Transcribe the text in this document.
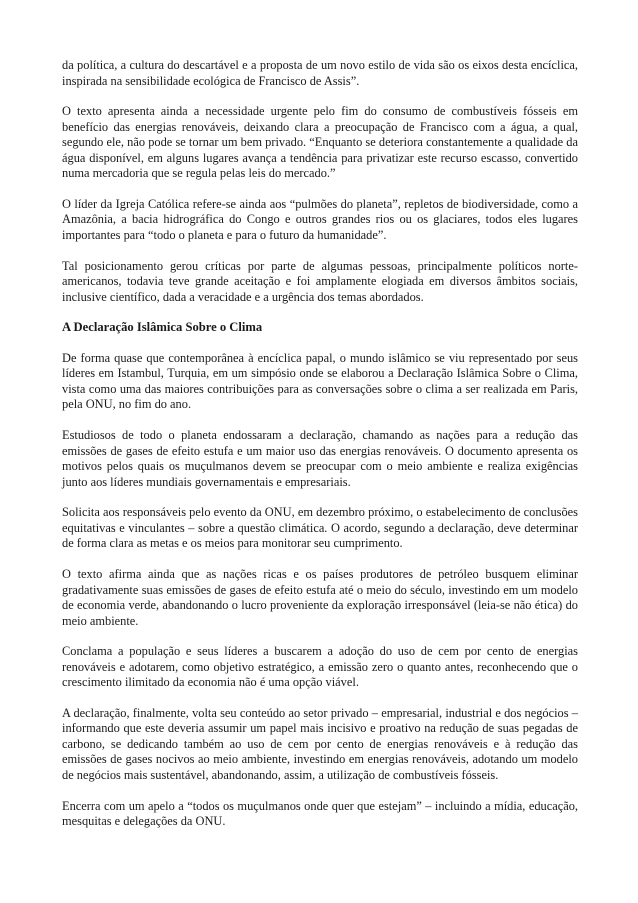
da política, a cultura do descartável e a proposta de um novo estilo de vida são os eixos desta encíclica, inspirada na sensibilidade ecológica de Francisco de Assis”.

O texto apresenta ainda a necessidade urgente pelo fim do consumo de combustíveis fósseis em benefício das energias renováveis, deixando clara a preocupação de Francisco com a água, a qual, segundo ele, não pode se tornar um bem privado. “Enquanto se deteriora constantemente a qualidade da água disponível, em alguns lugares avança a tendência para privatizar este recurso escasso, convertido numa mercadoria que se regula pelas leis do mercado.”

O líder da Igreja Católica refere-se ainda aos “pulmões do planeta”, repletos de biodiversidade, como a Amazônia, a bacia hidrográfica do Congo e outros grandes rios ou os glaciares, todos eles lugares importantes para “todo o planeta e para o futuro da humanidade”.

Tal posicionamento gerou críticas por parte de algumas pessoas, principalmente políticos norte-americanos, todavia teve grande aceitação e foi amplamente elogiada em diversos âmbitos sociais, inclusive científico, dada a veracidade e a urgência dos temas abordados.

A Declaração Islâmica Sobre o Clima

De forma quase que contemporânea à encíclica papal, o mundo islâmico se viu representado por seus líderes em Istambul, Turquia, em um simpósio onde se elaborou a Declaração Islâmica Sobre o Clima, vista como uma das maiores contribuições para as conversações sobre o clima a ser realizada em Paris, pela ONU, no fim do ano.

Estudiosos de todo o planeta endossaram a declaração, chamando as nações para a redução das emissões de gases de efeito estufa e um maior uso das energias renováveis. O documento apresenta os motivos pelos quais os muçulmanos devem se preocupar com o meio ambiente e realiza exigências junto aos líderes mundiais governamentais e empresariais.

Solicita aos responsáveis pelo evento da ONU, em dezembro próximo, o estabelecimento de conclusões equitativas e vinculantes – sobre a questão climática. O acordo, segundo a declaração, deve determinar de forma clara as metas e os meios para monitorar seu cumprimento.

O texto afirma ainda que as nações ricas e os países produtores de petróleo busquem eliminar gradativamente suas emissões de gases de efeito estufa até o meio do século, investindo em um modelo de economia verde, abandonando o lucro proveniente da exploração irresponsável (leia-se não ética) do meio ambiente.

Conclama a população e seus líderes a buscarem a adoção do uso de cem por cento de energias renováveis e adotarem, como objetivo estratégico, a emissão zero o quanto antes, reconhecendo que o crescimento ilimitado da economia não é uma opção viável.

A declaração, finalmente, volta seu conteúdo ao setor privado – empresarial, industrial e dos negócios – informando que este deveria assumir um papel mais incisivo e proativo na redução de suas pegadas de carbono, se dedicando também ao uso de cem por cento de energias renováveis e à redução das emissões de gases nocivos ao meio ambiente, investindo em energias renováveis, adotando um modelo de negócios mais sustentável, abandonando, assim, a utilização de combustíveis fósseis.

Encerra com um apelo a “todos os muçulmanos onde quer que estejam” – incluindo a mídia, educação, mesquitas e delegações da ONU.
